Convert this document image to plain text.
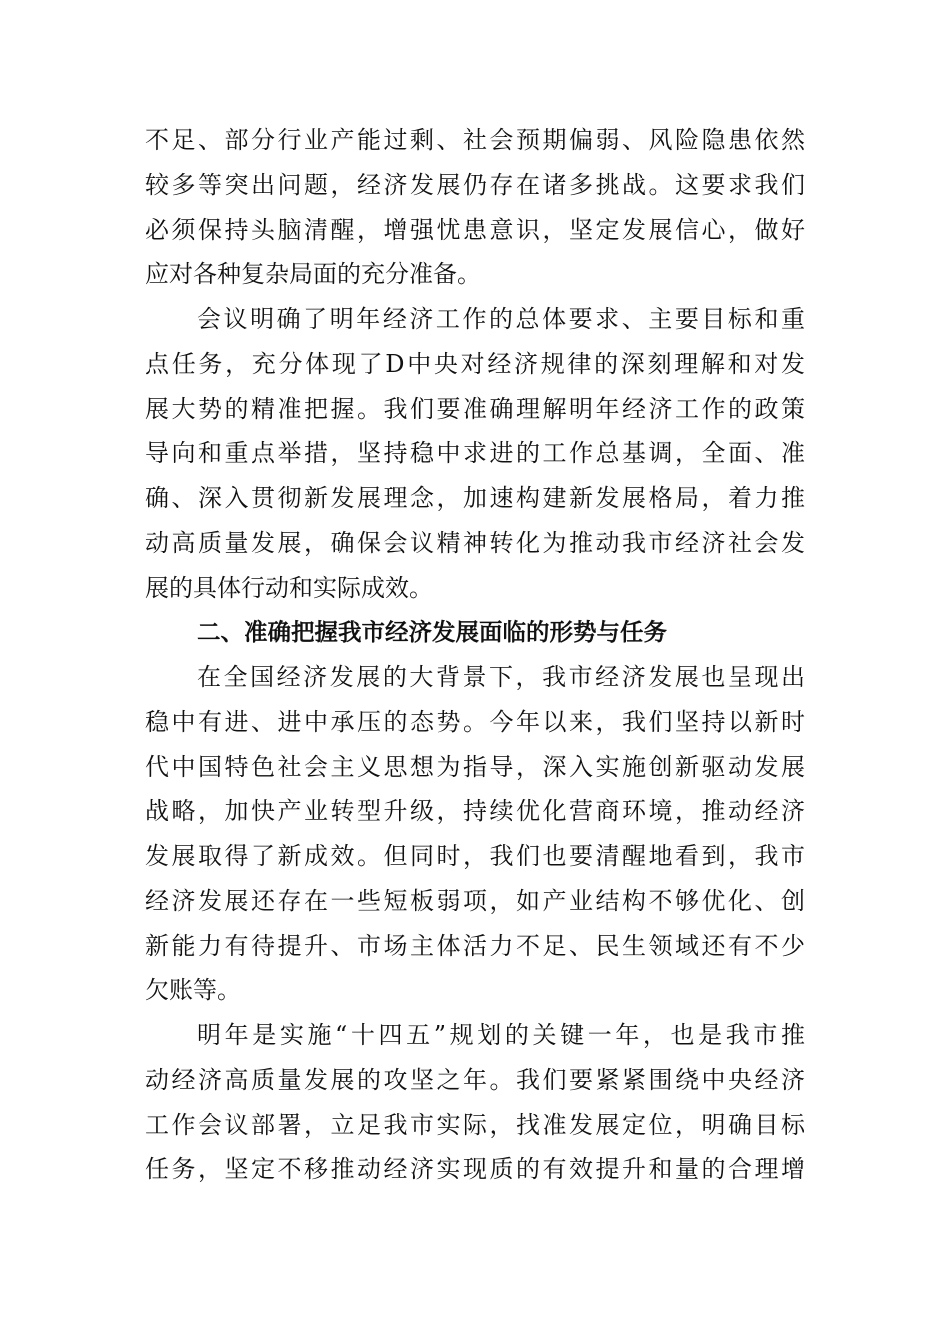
不足、部分行业产能过剩、社会预期偏弱、风险隐患依然
较多等突出问题，经济发展仍存在诸多挑战。这要求我们
必须保持头脑清醒，增强忧患意识，坚定发展信心，做好
应对各种复杂局面的充分准备。
会议明确了明年经济工作的总体要求、主要目标和重
点任务，充分体现了D中央对经济规律的深刻理解和对发
展大势的精准把握。我们要准确理解明年经济工作的政策
导向和重点举措，坚持稳中求进的工作总基调，全面、准
确、深入贯彻新发展理念，加速构建新发展格局，着力推
动高质量发展，确保会议精神转化为推动我市经济社会发
展的具体行动和实际成效。
二、准确把握我市经济发展面临的形势与任务
在全国经济发展的大背景下，我市经济发展也呈现出
稳中有进、进中承压的态势。今年以来，我们坚持以新时
代中国特色社会主义思想为指导，深入实施创新驱动发展
战略，加快产业转型升级，持续优化营商环境，推动经济
发展取得了新成效。但同时，我们也要清醒地看到，我市
经济发展还存在一些短板弱项，如产业结构不够优化、创
新能力有待提升、市场主体活力不足、民生领域还有不少
欠账等。
明年是实施“十四五”规划的关键一年，也是我市推
动经济高质量发展的攻坚之年。我们要紧紧围绕中央经济
工作会议部署，立足我市实际，找准发展定位，明确目标
任务，坚定不移推动经济实现质的有效提升和量的合理增
